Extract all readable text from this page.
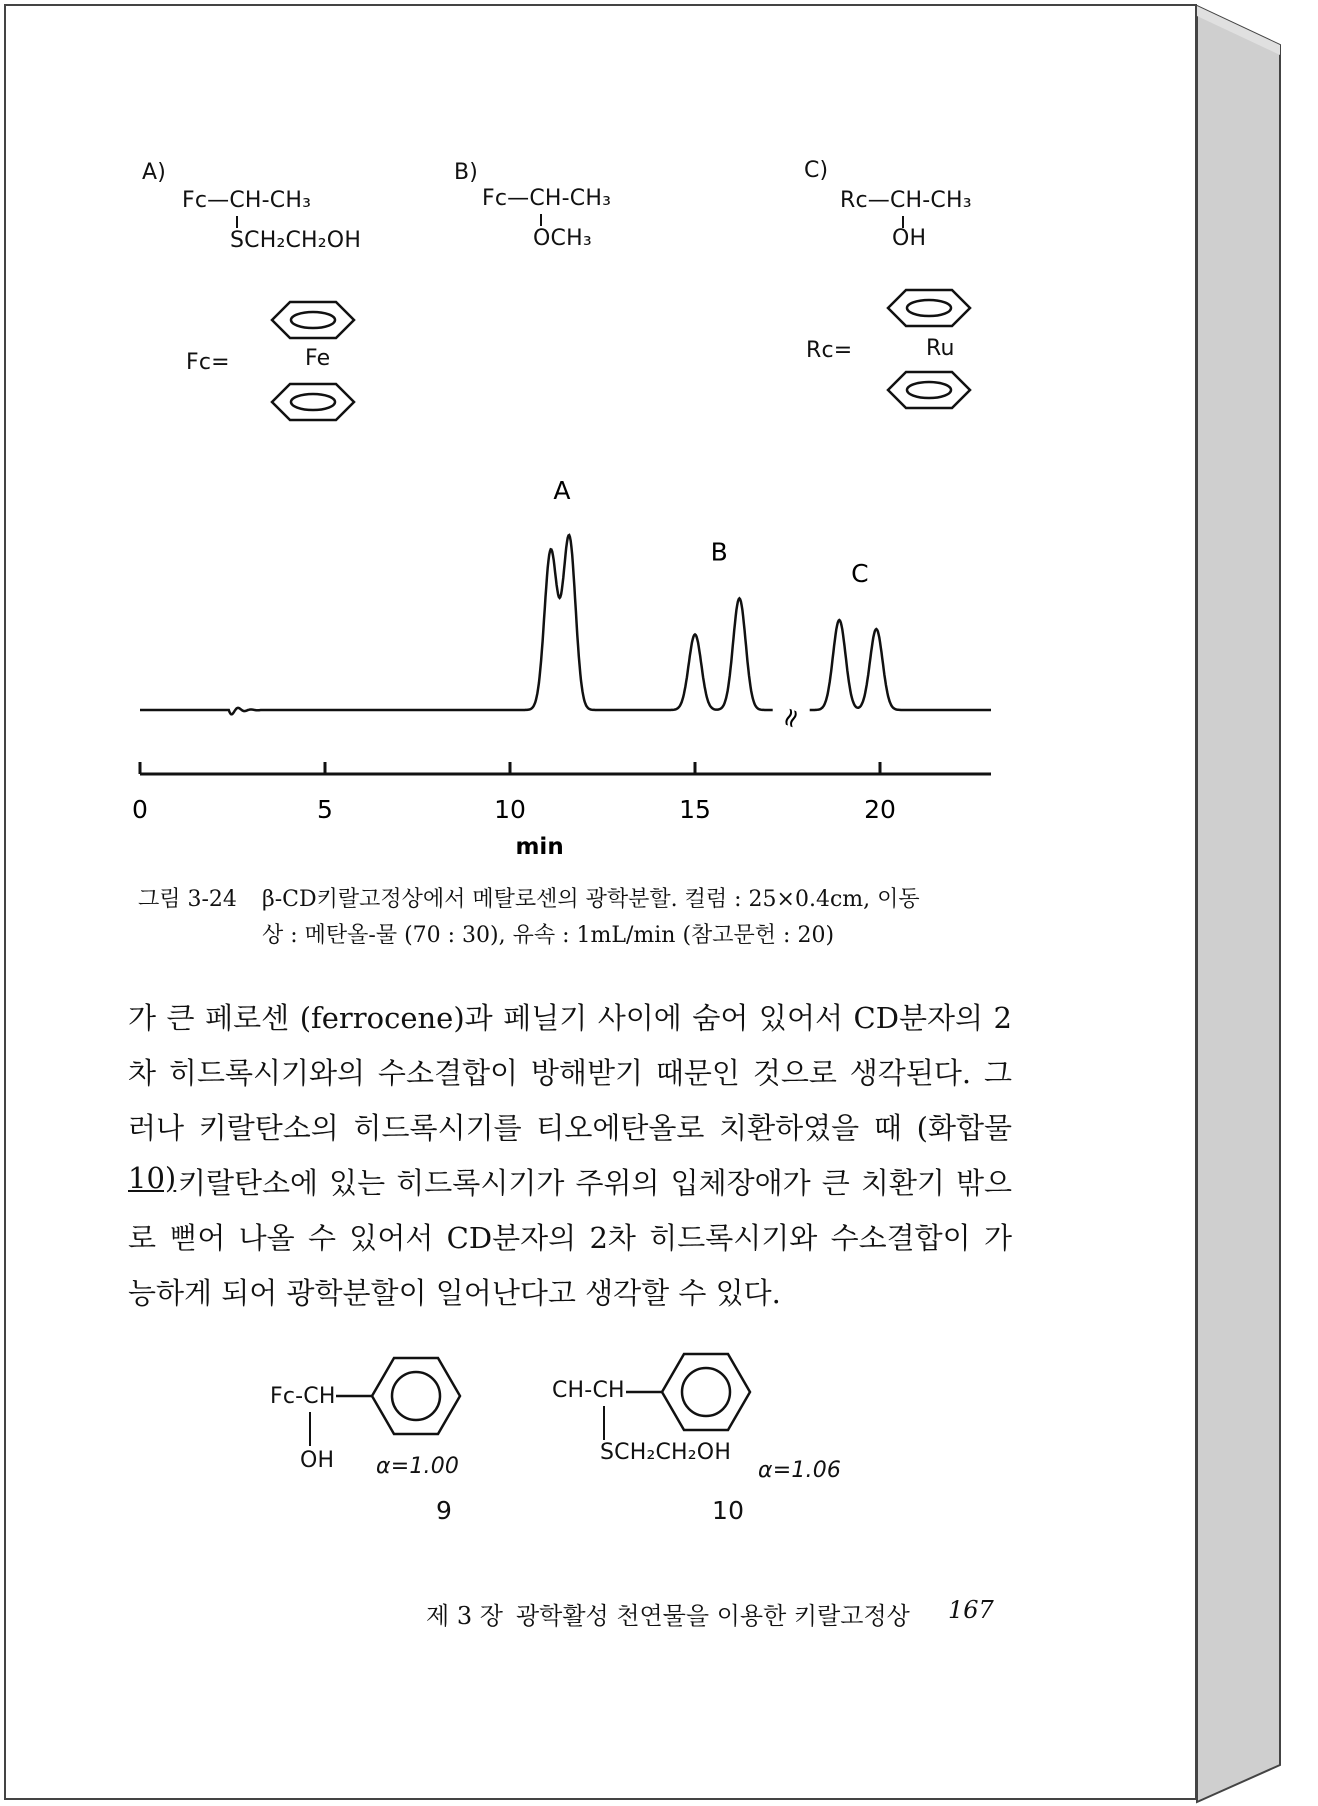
A)
Fc—CH-CH₃
SCH₂CH₂OH
B)
Fc—CH-CH₃
OCH₃
C)
Rc—CH-CH₃
OH
Fc=	Fe	Rc=	Ru
A
B
C
0	5	10	15	20
min
≈
그림 3-24 β-CD키랄고정상에서 메탈로센의 광학분할. 컬럼 : 25×0.4cm, 이동
상 : 메탄올-물 (70 : 30), 유속 : 1mL/min (참고문헌 : 20)
가 큰 페로센 (ferrocene)과 페닐기 사이에 숨어 있어서 CD분자의 2
차 히드록시기와의 수소결합이 방해받기 때문인 것으로 생각된다. 그
러나 키랄탄소의 히드록시기를 티오에탄올로 치환하였을 때 (화합물
10) 키랄탄소에 있는 히드록시기가 주위의 입체장애가 큰 치환기 밖으
로 뻗어 나올 수 있어서 CD분자의 2차 히드록시기와 수소결합이 가
능하게 되어 광학분할이 일어난다고 생각할 수 있다.
Fc-CH
OH α=1.00
9
CH-CH
SCH₂CH₂OH
α=1.06
10
제 3 장 광학활성 천연물을 이용한 키랄고정상 167
